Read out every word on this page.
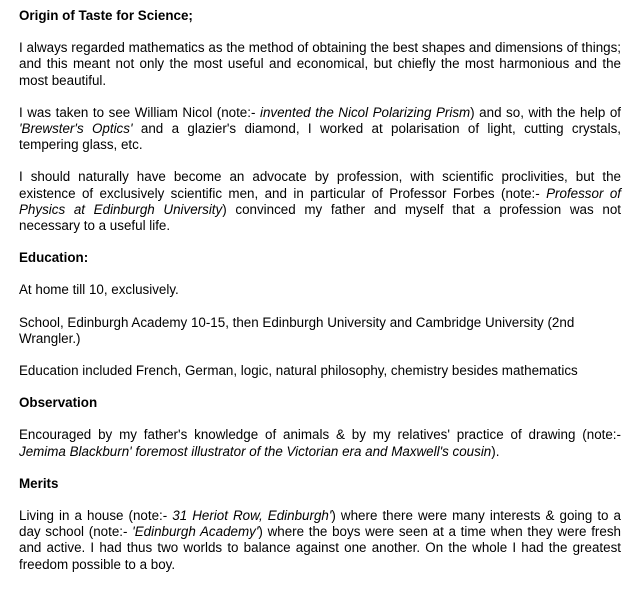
Origin of Taste for Science;

I always regarded mathematics as the method of obtaining the best shapes and dimensions of things; and this meant not only the most useful and economical, but chiefly the most harmonious and the most beautiful.

I was taken to see William Nicol (note:- invented the Nicol Polarizing Prism) and so, with the help of 'Brewster's Optics' and a glazier's diamond, I worked at polarisation of light, cutting crystals, tempering glass, etc.

I should naturally have become an advocate by profession, with scientific proclivities, but the existence of exclusively scientific men, and in particular of Professor Forbes (note:- Professor of Physics at Edinburgh University) convinced my father and myself that a profession was not necessary to a useful life.

Education:

At home till 10, exclusively.

School, Edinburgh Academy 10-15, then Edinburgh University and Cambridge University (2nd Wrangler.)

Education included French, German, logic, natural philosophy, chemistry besides mathematics

Observation

Encouraged by my father's knowledge of animals & by my relatives' practice of drawing (note:- Jemima Blackburn' foremost illustrator of the Victorian era and Maxwell's cousin).

Merits

Living in a house (note:- 31 Heriot Row, Edinburgh') where there were many interests & going to a day school (note:- 'Edinburgh Academy') where the boys were seen at a time when they were fresh and active. I had thus two worlds to balance against one another. On the whole I had the greatest freedom possible to a boy.
